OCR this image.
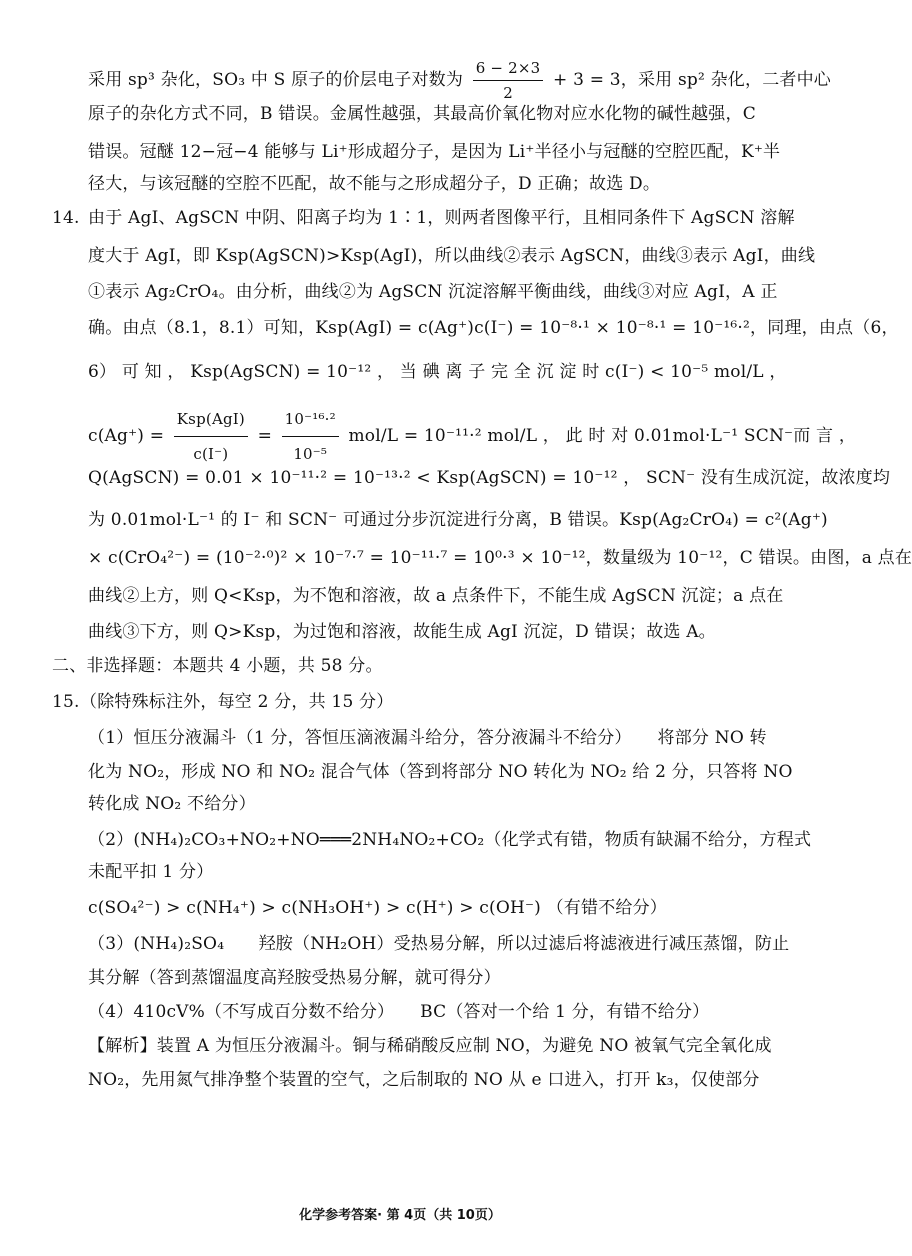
采用 sp³ 杂化，SO₃ 中 S 原子的价层电子对数为 $\frac{6 - 2\times 3}{2} + 3 = 3$，采用 sp² 杂化，二者中心
原子的杂化方式不同，B 错误。金属性越强，其最高价氧化物对应水化物的碱性越强，C
错误。冠醚 12−冠−4 能够与 Li⁺形成超分子，是因为 Li⁺半径小与冠醚的空腔匹配，K⁺半
径大，与该冠醚的空腔不匹配，故不能与之形成超分子，D 正确；故选 D。
14. 由于 AgI、AgSCN 中阴、阳离子均为 1∶1，则两者图像平行，且相同条件下 AgSCN 溶解
度大于 AgI，即 Ksp(AgSCN)>Ksp(AgI)，所以曲线②表示 AgSCN，曲线③表示 AgI，曲线
①表示 Ag₂CrO₄。由分析，曲线②为 AgSCN 沉淀溶解平衡曲线，曲线③对应 AgI，A 正
确。由点（8.1，8.1）可知，Ksp(AgI) = c(Ag⁺)c(I⁻) = 10⁻⁸·¹ × 10⁻⁸·¹ = 10⁻¹⁶·²，同理，由点（6，
6） 可 知 ， Ksp(AgSCN) = 10⁻¹² ， 当 碘 离 子 完 全 沉 淀 时 c(I⁻) < 10⁻⁵ mol/L ，
$c(Ag^+) = \frac{\text{Ksp(AgI)}}{c(I^-)} = \frac{\text{10⁻¹⁶·²}}{\text{10⁻⁵}} mol/L = 10^{-11}\cdot^2$ mol/L ， 此 时 对 0.01mol·L⁻¹ SCN⁻而 言 ，
Q(AgSCN) = 0.01 × 10⁻¹¹·² = 10⁻¹³·² < Ksp(AgSCN) = 10⁻¹² ， SCN⁻ 没有生成沉淀，故浓度均
为 0.01mol·L⁻¹ 的 I⁻ 和 SCN⁻ 可通过分步沉淀进行分离，B 错误。Ksp(Ag₂CrO₄) = c²(Ag⁺)
× c(CrO₄²⁻) = (10⁻²·⁰)² × 10⁻⁷·⁷ = 10⁻¹¹·⁷ = 10⁰·³ × 10⁻¹²，数量级为 10⁻¹²，C 错误。由图，a 点在
曲线②上方，则 Q<Ksp，为不饱和溶液，故 a 点条件下，不能生成 AgSCN 沉淀；a 点在
曲线③下方，则 Q>Ksp，为过饱和溶液，故能生成 AgI 沉淀，D 错误；故选 A。
二、非选择题：本题共 4 小题，共 58 分。
15. （除特殊标注外，每空 2 分，共 15 分）
（1）恒压分液漏斗（1 分，答恒压滴液漏斗给分，答分液漏斗不给分）　　将部分 NO 转
化为 NO₂，形成 NO 和 NO₂ 混合气体（答到将部分 NO 转化为 NO₂ 给 2 分，只答将 NO
转化成 NO₂ 不给分）
（2）(NH₄)₂CO₃+NO₂+NO═══2NH₄NO₂+CO₂（化学式有错，物质有缺漏不给分，方程式
未配平扣 1 分）
c(SO₄²⁻) > c(NH₄⁺) > c(NH₃OH⁺) > c(H⁺) > c(OH⁻) （有错不给分）
（3）(NH₄)₂SO₄　　羟胺（NH₂OH）受热易分解，所以过滤后将滤液进行减压蒸馏，防止
其分解（答到蒸馏温度高羟胺受热易分解，就可得分）
（4）410cV%（不写成百分数不给分）　　BC（答对一个给 1 分，有错不给分）
【解析】装置 A 为恒压分液漏斗。铜与稀硝酸反应制 NO，为避免 NO 被氧气完全氧化成
NO₂，先用氮气排净整个装置的空气，之后制取的 NO 从 e 口进入，打开 k₃，仅使部分
化学参考答案· 第 4页（共 10页）
